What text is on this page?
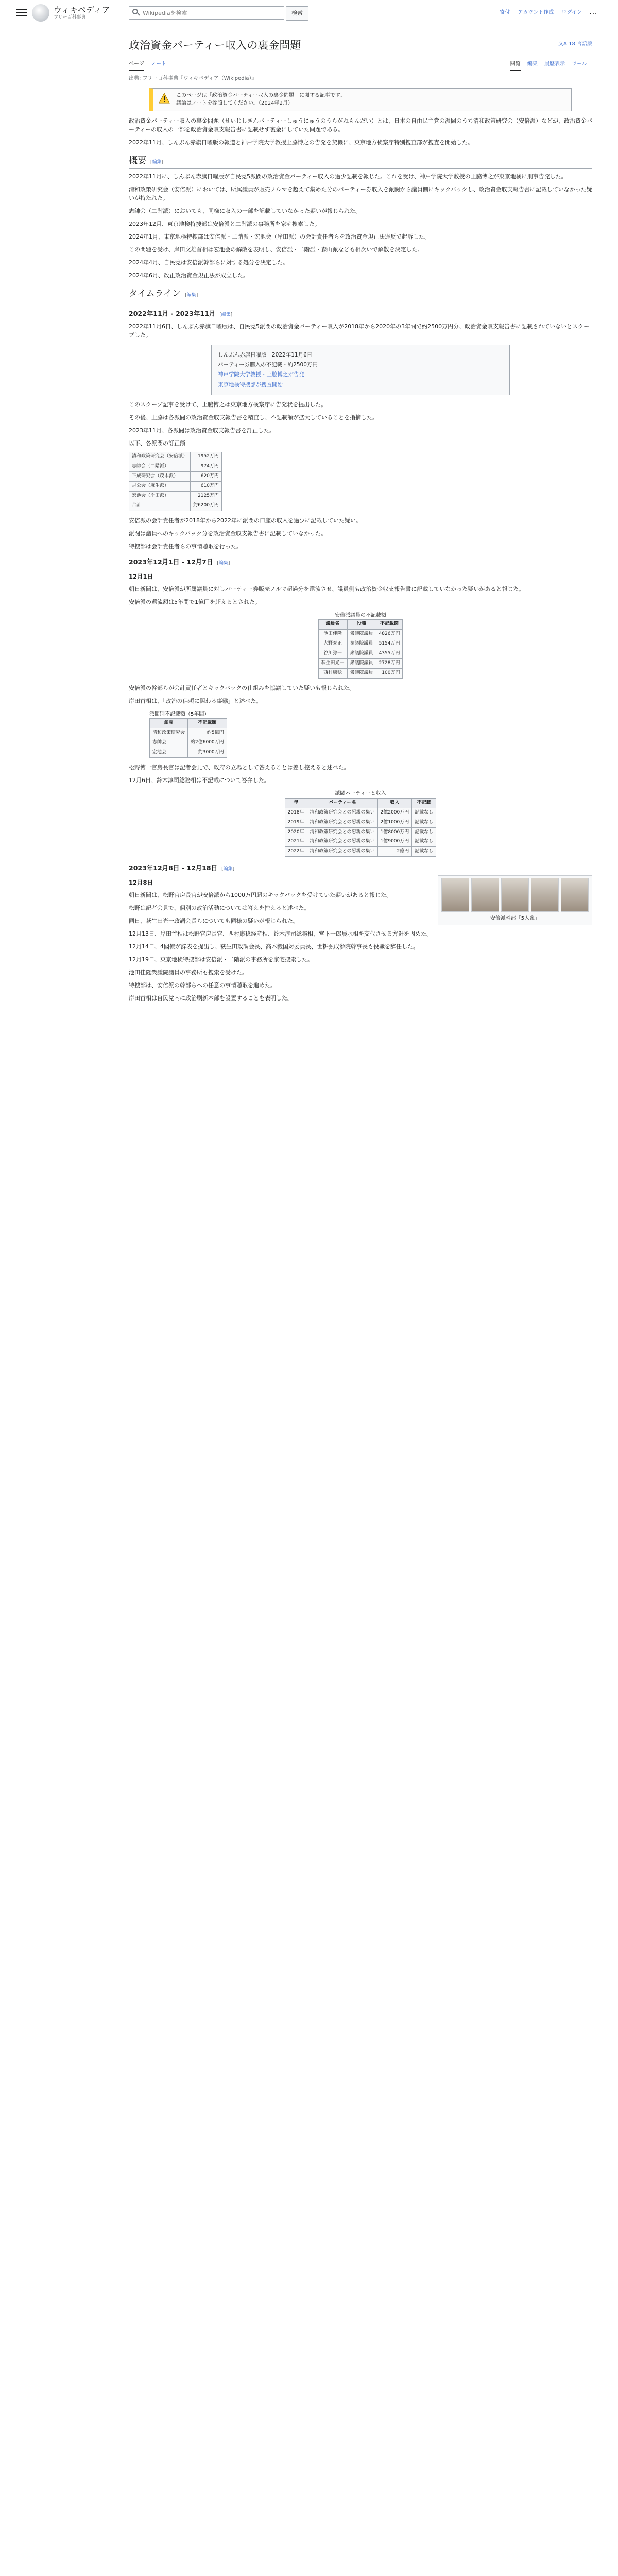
ウィキペディア
フリー百科事典
Wikipediaを検索
検索	寄付 アカウント作成 ログイン ⋯
政治資金パーティー収入の裏金問題	文A 18 言語版
ページ ノート	閲覧 編集 履歴表示 ツール
出典: フリー百科事典『ウィキペディア（Wikipedia）』
このページは「政治資金パーティー収入の裏金問題」に関する記事です。
議論はノートを参照してください。（2024年2月）

政治資金パーティー収入の裏金問題（せいじしきんパーティーしゅうにゅうのうらがねもんだい）とは、日本の自由民主党の派閥のうち清和政策研究会（安倍派）などが、政治資金パーティーの収入の一部を政治資金収支報告書に記載せず裏金にしていた問題である。

2022年11月、しんぶん赤旗日曜版の報道と神戸学院大学教授上脇博之の告発を契機に、東京地方検察庁特別捜査部が捜査を開始した。

概要 [編集]

2022年11月に、しんぶん赤旗日曜版が自民党5派閥の政治資金パーティー収入の過少記載を報じた。これを受け、神戸学院大学教授の上脇博之が東京地検に刑事告発した。

清和政策研究会（安倍派）においては、所属議員が販売ノルマを超えて集めた分のパーティー券収入を派閥から議員側にキックバックし、政治資金収支報告書に記載していなかった疑いが持たれた。

志帥会（二階派）においても、同様に収入の一部を記載していなかった疑いが報じられた。

2023年12月、東京地検特捜部は安倍派と二階派の事務所を家宅捜索した。

2024年1月、東京地検特捜部は安倍派・二階派・宏池会（岸田派）の会計責任者らを政治資金規正法違反で起訴した。

この問題を受け、岸田文雄首相は宏池会の解散を表明し、安倍派・二階派・森山派なども相次いで解散を決定した。

2024年4月、自民党は安倍派幹部らに対する処分を決定した。

2024年6月、改正政治資金規正法が成立した。

タイムライン [編集]
2022年11月 - 2023年11月 [編集]

2022年11月6日、しんぶん赤旗日曜版は、自民党5派閥の政治資金パーティー収入が2018年から2020年の3年間で約2500万円分、政治資金収支報告書に記載されていないとスクープした。

しんぶん赤旗日曜版　2022年11月6日
パーティー券購入の不記載・約2500万円
神戸学院大学教授・上脇博之が告発
東京地検特捜部が捜査開始

このスクープ記事を受けて、上脇博之は東京地方検察庁に告発状を提出した。

その後、上脇は各派閥の政治資金収支報告書を精査し、不記載額が拡大していることを指摘した。

2023年11月、各派閥は政治資金収支報告書を訂正した。

以下、各派閥の訂正額

清和政策研究会（安倍派）	1952万円
志帥会（二階派）	974万円
平成研究会（茂木派）	620万円
志公会（麻生派）	610万円
宏池会（岸田派）	2125万円
合計	約6200万円

安倍派の会計責任者が2018年から2022年に派閥の口座の収入を過少に記載していた疑い。

派閥は議員へのキックバック分を政治資金収支報告書に記載していなかった。

特捜部は会計責任者らの事情聴取を行った。

2023年12月1日 - 12月7日 [編集]
12月1日

朝日新聞は、安倍派が所属議員に対しパーティー券販売ノルマ超過分を還流させ、議員側も政治資金収支報告書に記載していなかった疑いがあると報じた。

安倍派の還流額は5年間で1億円を超えるとされた。

安倍派議員の不記載額
議員名	役職	不記載額
池田佳隆	衆議院議員	4826万円
大野泰正	参議院議員	5154万円
谷川弥一	衆議院議員	4355万円
萩生田光一	衆議院議員	2728万円
西村康稔	衆議院議員	100万円

安倍派の幹部らが会計責任者とキックバックの仕組みを協議していた疑いも報じられた。

岸田首相は、「政治の信頼に関わる事態」と述べた。

派閥別不記載額（5年間）
派閥	不記載額
清和政策研究会	約5億円
志帥会	約2億6000万円
宏池会	約3000万円

松野博一官房長官は記者会見で、政府の立場として答えることは差し控えると述べた。

12月6日、鈴木淳司総務相は不記載について答弁した。

派閥パーティーと収入
年	パーティー名	収入	不記載
2018年	清和政策研究会との懇親の集い	2億2000万円	記載なし
2019年	清和政策研究会との懇親の集い	2億1000万円	記載なし
2020年	清和政策研究会との懇親の集い	1億8000万円	記載なし
2021年	清和政策研究会との懇親の集い	1億9000万円	記載なし
2022年	清和政策研究会との懇親の集い	2億円	記載なし
2023年12月8日 - 12月18日 [編集]
安倍派幹部「5人衆」
12月8日

朝日新聞は、松野官房長官が安倍派から1000万円超のキックバックを受けていた疑いがあると報じた。

松野は記者会見で、個別の政治活動については答えを控えると述べた。

同日、萩生田光一政調会長らについても同様の疑いが報じられた。

12月13日、岸田首相は松野官房長官、西村康稔経産相、鈴木淳司総務相、宮下一郎農水相を交代させる方針を固めた。

12月14日、4閣僚が辞表を提出し、萩生田政調会長、高木毅国対委員長、世耕弘成参院幹事長も役職を辞任した。

12月19日、東京地検特捜部は安倍派・二階派の事務所を家宅捜索した。

池田佳隆衆議院議員の事務所も捜索を受けた。

特捜部は、安倍派の幹部らへの任意の事情聴取を進めた。

岸田首相は自民党内に政治刷新本部を設置することを表明した。
